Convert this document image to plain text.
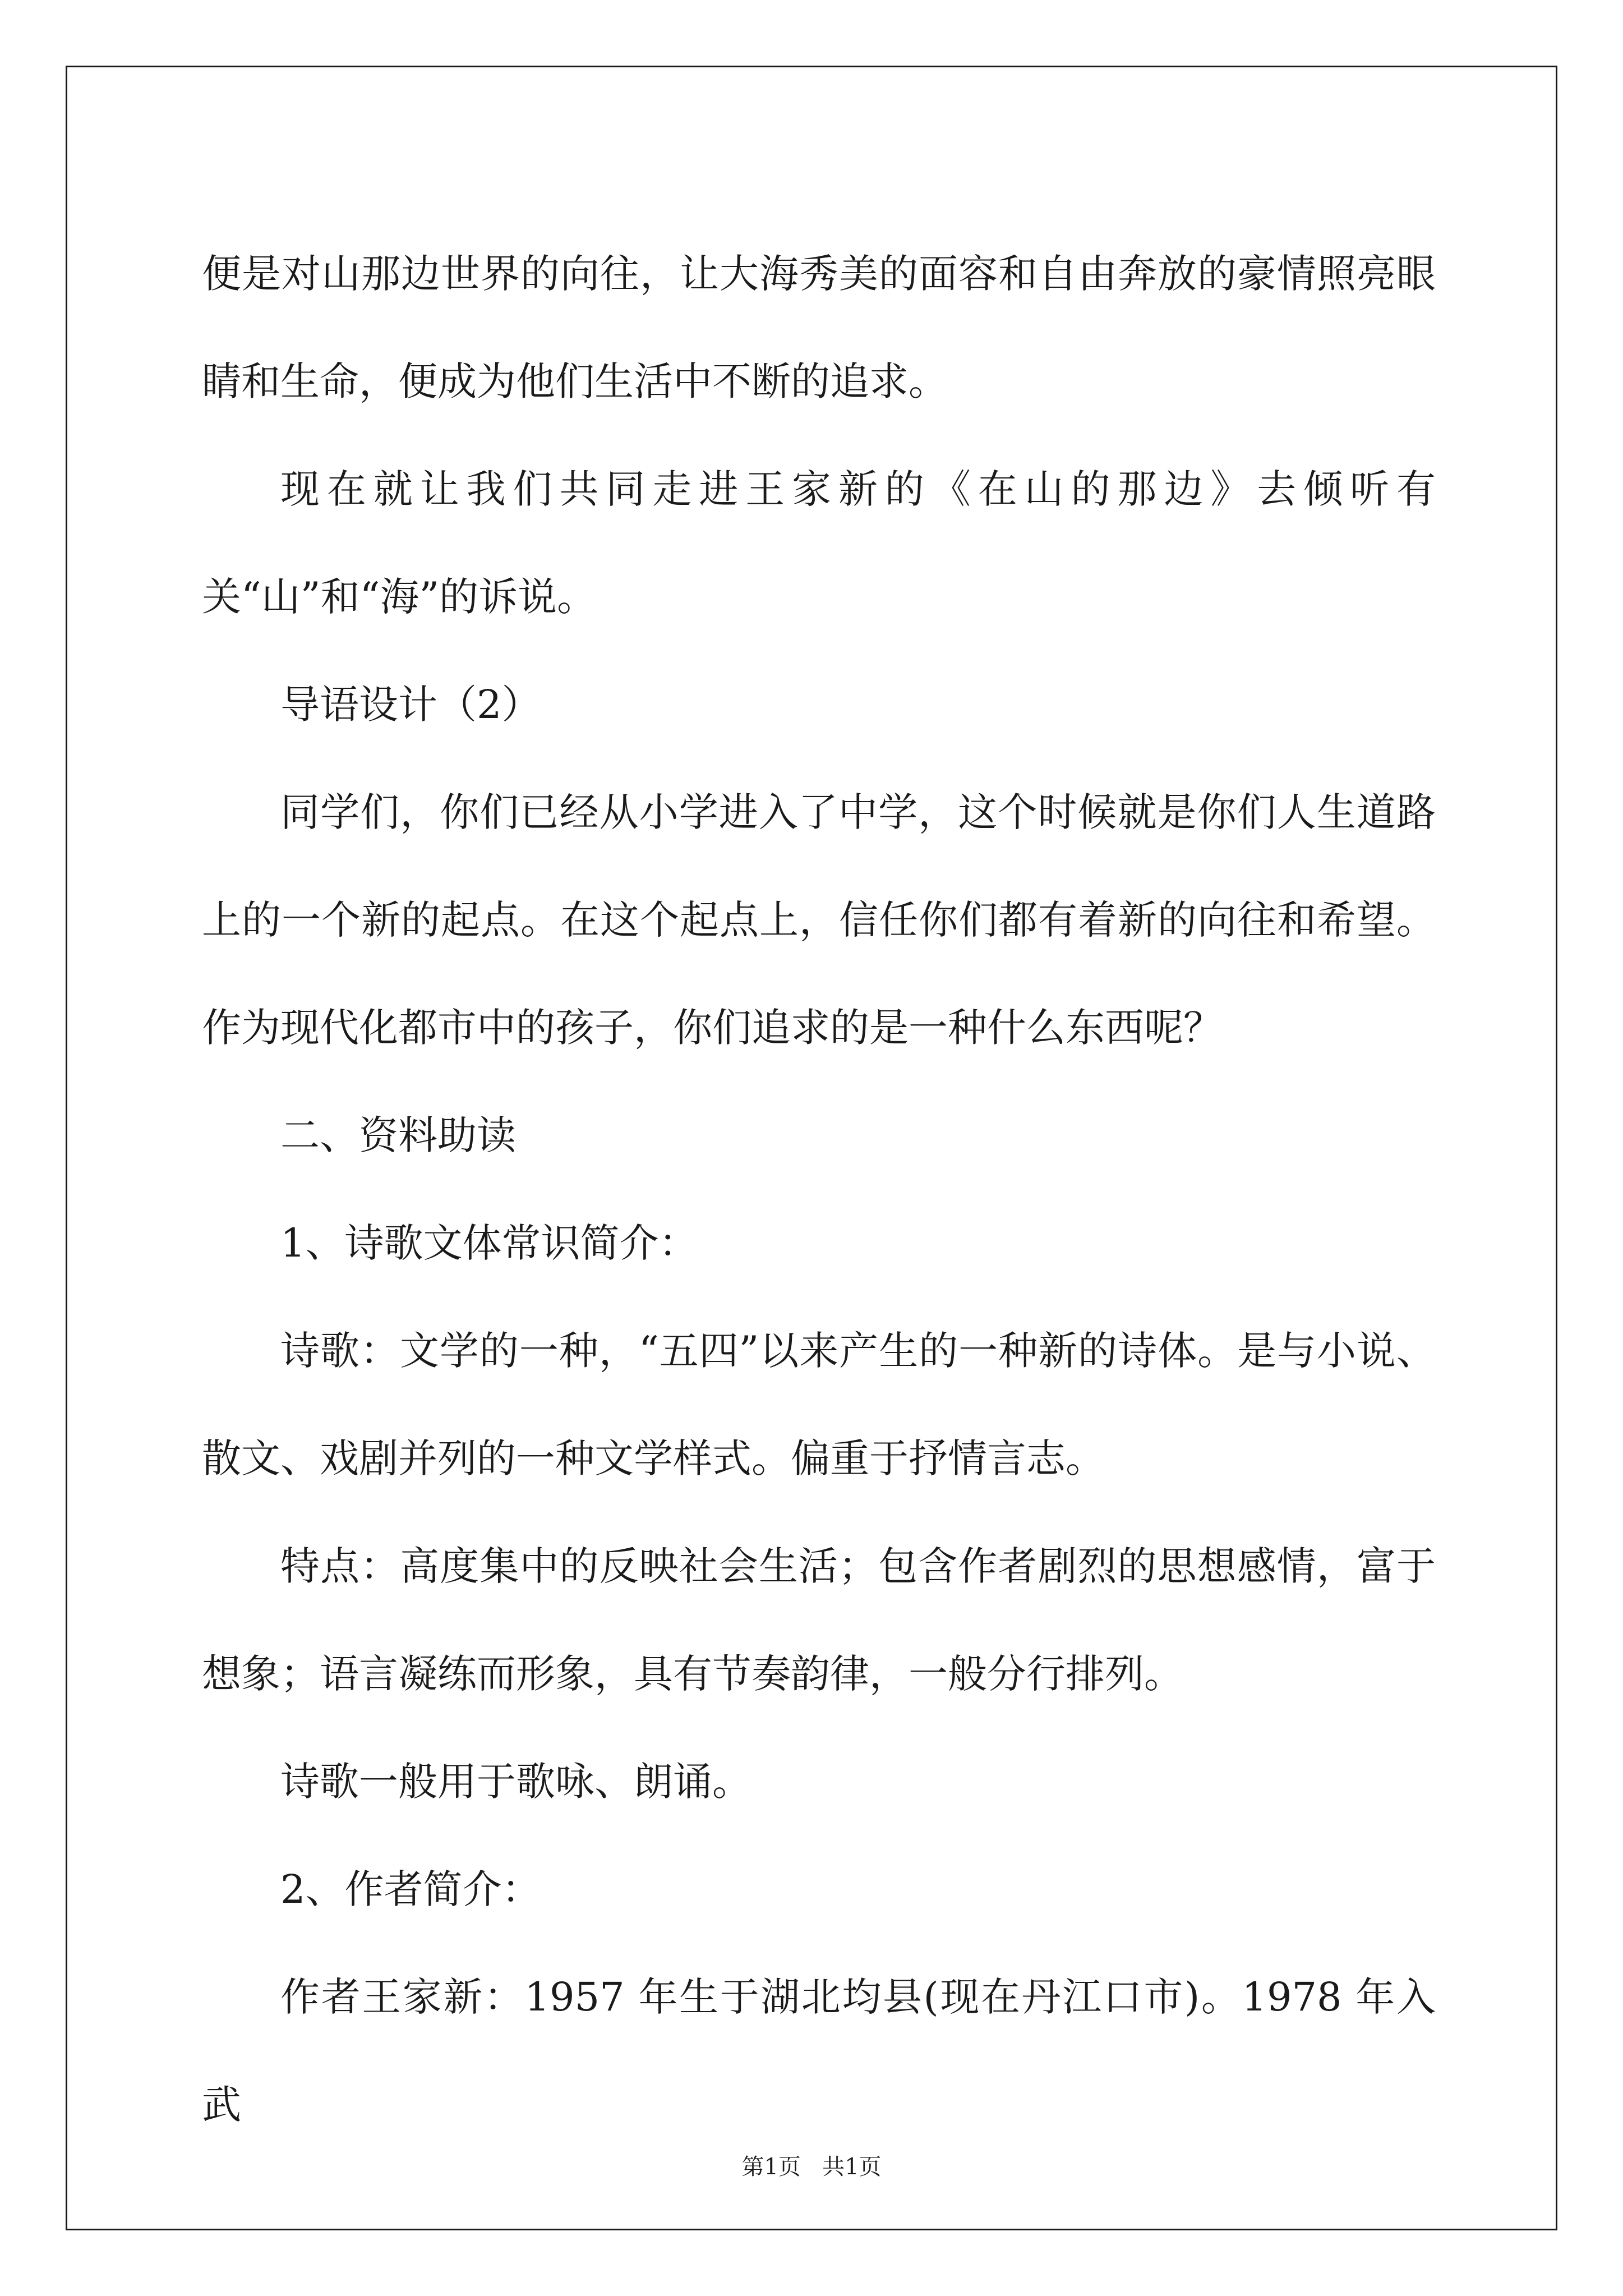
便是对山那边世界的向往，让大海秀美的面容和自由奔放的豪情照亮眼睛和生命，便成为他们生活中不断的追求。

现在就让我们共同走进王家新的《在山的那边》去倾听有关“山”和“海”的诉说。

导语设计（2）

同学们，你们已经从小学进入了中学，这个时候就是你们人生道路上的一个新的起点。在这个起点上，信任你们都有着新的向往和希望。作为现代化都市中的孩子，你们追求的是一种什么东西呢？

二、资料助读

1、诗歌文体常识简介：

诗歌：文学的一种，“五四”以来产生的一种新的诗体。是与小说、散文、戏剧并列的一种文学样式。偏重于抒情言志。

特点：高度集中的反映社会生活；包含作者剧烈的思想感情，富于想象；语言凝练而形象，具有节奏韵律，一般分行排列。

诗歌一般用于歌咏、朗诵。

2、作者简介：

作者王家新：1957 年生于湖北均县(现在丹江口市)。1978 年入武

第1页 共1页
